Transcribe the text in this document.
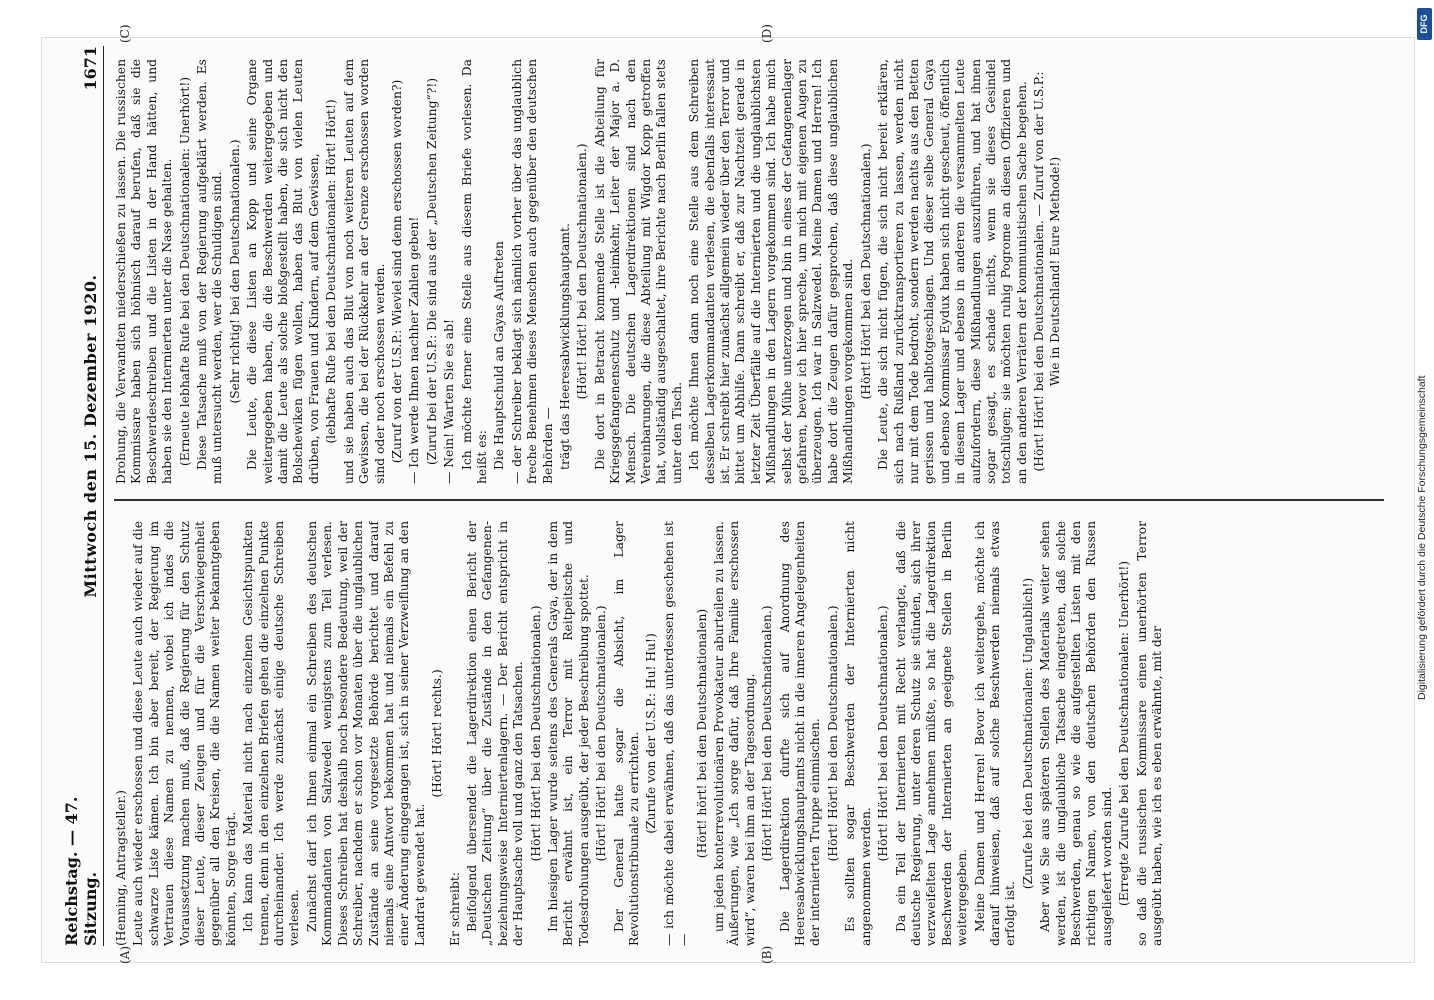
Reichstag. — 47. Sitzung.
Mittwoch den 15. Dezember 1920.
1671

(Henning, Antragsteller.) Leute auch wieder erschossen und diese Leute auch wieder auf die schwarze Liste kämen. Ich bin aber bereit, der Regierung im Vertrauen diese Namen zu nennen, wobei ich indes die Voraussetzung machen muß, daß die Regierung für den Schutz dieser Leute, dieser Zeugen und für die Verschwiegenheit gegenüber all den Kreisen, die die Namen weiter bekanntgeben könnten, Sorge trägt. Ich kann das Material nicht nach einzelnen Gesichtspunkten trennen, denn in den einzelnen Briefen gehen die einzelnen Punkte durcheinander. Ich werde zunächst einige deutsche Schreiben verlesen. Zunächst darf ich Ihnen einmal ein Schreiben des deutschen Kommandanten von Salzwedel wenigstens zum Teil verlesen. Dieses Schreiben hat deshalb noch besondere Bedeutung, weil der Schreiber, nachdem er schon vor Monaten über die unglaublichen Zustände an seine vorgesetzte Behörde berichtet und darauf niemals eine Antwort bekommen hat und niemals ein Befehl zu einer Änderung eingegangen ist, sich in seiner Verzweiflung an den Landrat gewendet hat.

(Hört! Hört! rechts.)

Er schreibt: Beifolgend übersendet die Lagerdirektion einen Bericht der „Deutschen Zeitung“ über die Zustände in den Gefangenen- beziehungsweise Interniertenlagern. — Der Bericht entspricht in der Hauptsache voll und ganz den Tatsachen. (Hört! Hört! bei den Deutschnationalen.) Im hiesigen Lager wurde seitens des Generals Gaya, der in dem Bericht erwähnt ist, ein Terror mit Reitpeitsche und Todesdrohungen ausgeübt, der jeder Beschreibung spottet. (Hört! Hört! bei den Deutschnationalen.) Der General hatte sogar die Absicht, im Lager Revolutionstribunale zu errichten. (Zurufe von der U.S.P.: Hu! Hu!) — ich möchte dabei erwähnen, daß das unterdessen geschehen ist —

(Hört! hört! bei den Deutschnationalen) um jeden konterrevolutionären Provokateur aburteilen zu lassen. Äußerungen, wie „Ich sorge dafür, daß Ihre Familie erschossen wird“, waren bei ihm an der Tagesordnung. (Hört! Hört! bei den Deutschnationalen.) Die Lagerdirektion durfte sich auf Anordnung des Heeresabwicklungshauptamts nicht in die inneren Angelegenheiten der internierten Truppe einmischen. (Hört! Hört! bei den Deutschnationalen.) Es sollten sogar Beschwerden der Internierten nicht angenommen werden.

(Hört! Hört! bei den Deutschnationalen.) Da ein Teil der Internierten mit Recht verlangte, daß die deutsche Regierung, unter deren Schutz sie stünden, sich ihrer verzweifelten Lage annehmen müßte, so hat die Lagerdirektion Beschwerden der Internierten an geeignete Stellen in Berlin weitergegeben. Meine Damen und Herren! Bevor ich weitergehe, möchte ich darauf hinweisen, daß auf solche Beschwerden niemals etwas erfolgt ist.

(Zurufe bei den Deutschnationalen: Unglaublich!) Aber wie Sie aus späteren Stellen des Materials weiter sehen werden, ist die unglaubliche Tatsache eingetreten, daß solche Beschwerden, genau so wie die aufgestellten Listen mit den richtigen Namen, von den deutschen Behörden den Russen ausgeliefert worden sind. (Erregte Zurufe bei den Deutschnationalen: Unerhört!) so daß die russischen Kommissare einen unerhörten Terror ausgeübt haben, wie ich es eben erwähnte, mit der

Drohung, die Verwandten niederschießen zu lassen. Die russischen Kommissare haben sich höhnisch darauf berufen, daß sie die Beschwerdeschreiben und die Listen in der Hand hätten, und haben sie den Internierten unter die Nase gehalten. (Erneute lebhafte Rufe bei den Deutschnationalen: Unerhört!) Diese Tatsache muß von der Regierung aufgeklärt werden. Es muß untersucht werden, wer die Schuldigen sind. (Sehr richtig! bei den Deutschnationalen.) Die Leute, die diese Listen an Kopp und seine Organe weitergegeben haben, die die Beschwerden weitergegeben und damit die Leute als solche bloßgestellt haben, die sich nicht den Bolschewiken fügen wollen, haben das Blut von vielen Leuten drüben, von Frauen und Kindern, auf dem Gewissen, (lebhafte Rufe bei den Deutschnationalen: Hört! Hört!) und sie haben auch das Blut von noch weiteren Leuten auf dem Gewissen, die bei der Rückkehr an der Grenze erschossen worden sind oder noch erschossen werden. (Zuruf von der U.S.P.: Wieviel sind denn erschossen worden?) — Ich werde Ihnen nachher Zahlen geben! (Zuruf bei der U.S.P.: Die sind aus der „Deutschen Zeitung“?!) — Nein! Warten Sie es ab! Ich möchte ferner eine Stelle aus diesem Briefe vorlesen. Da heißt es: Die Hauptschuld an Gayas Auftreten — der Schreiber beklagt sich nämlich vorher über das unglaublich freche Benehmen dieses Menschen auch gegenüber den deutschen Behörden — trägt das Heeresabwicklungshauptamt. (Hört! Hört! bei den Deutschnationalen.) Die dort in Betracht kommende Stelle ist die Abteilung für Kriegsgefangenenschutz und -heimkehr, Leiter der Major a. D. Mensch. Die deutschen Lagerdirektionen sind nach den Vereinbarungen, die diese Abteilung mit Wigdor Kopp getroffen hat, vollständig ausgeschaltet, ihre Berichte nach Berlin fallen stets unter den Tisch. Ich möchte Ihnen dann noch eine Stelle aus dem Schreiben desselben Lagerkommandanten verlesen, die ebenfalls interessant ist. Er schreibt hier zunächst allgemein wieder über den Terror und bittet um Abhilfe. Dann schreibt er, daß zur Nachtzeit gerade in letzter Zeit Überfälle auf die Internierten und die unglaublichsten Mißhandlungen in den Lagern vorgekommen sind. Ich habe mich selbst der Mühe unterzogen und bin in eines der Gefangenenlager gefahren, bevor ich hier spreche, um mich mit eigenen Augen zu überzeugen. Ich war in Salzwedel. Meine Damen und Herren! Ich habe dort die Zeugen dafür gesprochen, daß diese unglaublichen Mißhandlungen vorgekommen sind. (Hört! Hört! bei den Deutschnationalen.) Die Leute, die sich nicht fügen, die sich nicht bereit erklären, sich nach Rußland zurücktransportieren zu lassen, werden nicht nur mit dem Tode bedroht, sondern werden nachts aus den Betten gerissen und halbtotgeschlagen. Und dieser selbe General Gaya und ebenso Kommissar Eydux haben sich nicht gescheut, öffentlich in diesem Lager und ebenso in anderen die versammelten Leute aufzufordern, diese Mißhandlungen auszuführen, und hat ihnen sogar gesagt, es schade nichts, wenn sie dieses Gesindel totschlügen; sie möchten ruhig Pogrome an diesen Offizieren und an den anderen Verrätern der kommunistischen Sache begehen. (Hört! Hört! bei den Deutschnationalen. — Zuruf von der U.S.P.: Wie in Deutschland! Eure Methode!)

(A)	(B)
(C)	(D)
DFG
Digitalisierung gefördert durch die Deutsche Forschungsgemeinschaft
